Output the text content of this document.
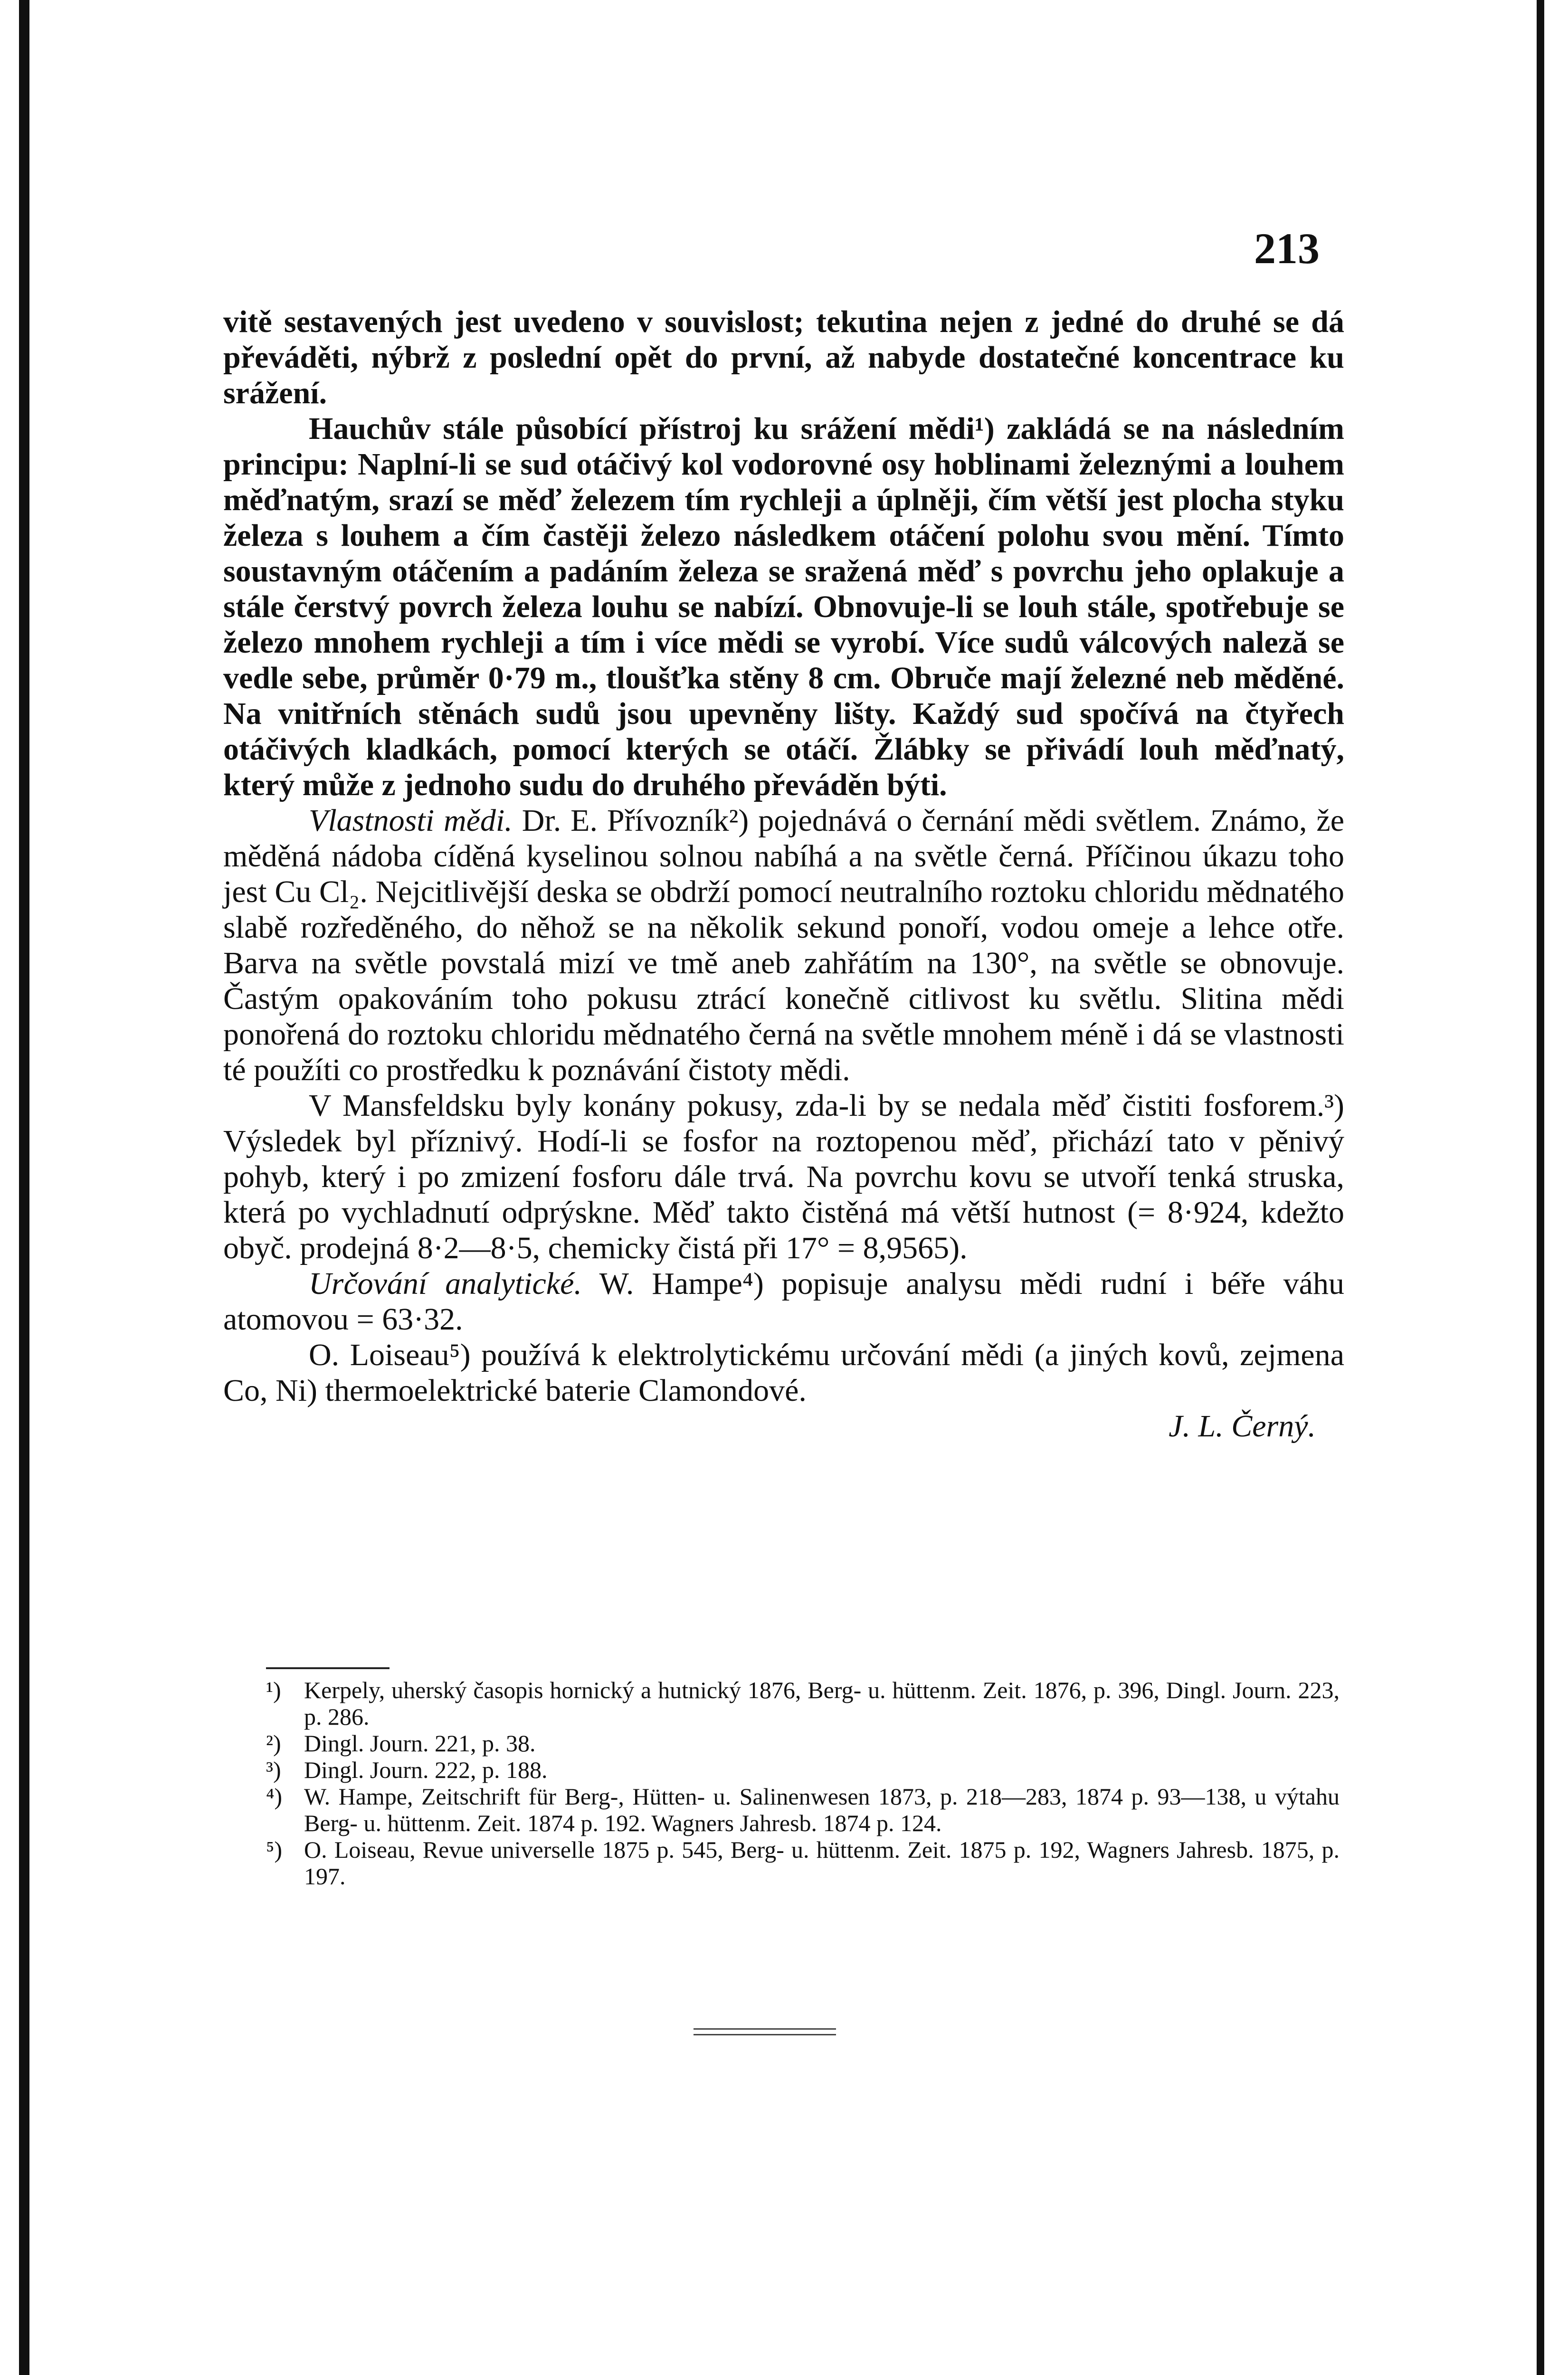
213

vitě sestavených jest uvedeno v souvislost; tekutina nejen z jedné do druhé se dá převáděti, nýbrž z poslední opět do první, až nabyde dostatečné koncentrace ku srážení.

Hauchův stále působící přístroj ku srážení mědi¹) zakládá se na následním principu: Naplní-li se sud otáčivý kol vodorovné osy hoblinami železnými a louhem měďnatým, srazí se měď železem tím rychleji a úplněji, čím větší jest plocha styku železa s louhem a čím častěji železo následkem otáčení polohu svou mění. Tímto soustavným otáčením a padáním železa se sražená měď s povrchu jeho oplakuje a stále čerstvý povrch železa louhu se nabízí. Obnovuje-li se louh stále, spotřebuje se železo mnohem rychleji a tím i více mědi se vyrobí. Více sudů válcových naleză se vedle sebe, průměr 0·79 m., tloušťka stěny 8 cm. Obruče mají železné neb měděné. Na vnitřních stěnách sudů jsou upevněny lišty. Každý sud spočívá na čtyřech otáčivých kladkách, pomocí kterých se otáčí. Žlábky se přivádí louh měďnatý, který může z jednoho sudu do druhého převáděn býti.

Vlastnosti mědi. Dr. E. Přívozník²) pojednává o černání mědi světlem. Známo, že měděná nádoba cíděná kyselinou solnou nabíhá a na světle černá. Příčinou úkazu toho jest Cu Cl₂. Nejcitlivější deska se obdrží pomocí neutralního roztoku chloridu mědnatého slabě rozředěného, do něhož se na několik sekund ponoří, vodou omeje a lehce otře. Barva na světle povstalá mizí ve tmě aneb zahřátím na 130°, na světle se obnovuje. Častým opakováním toho pokusu ztrácí konečně citlivost ku světlu. Slitina mědi ponořená do roztoku chloridu mědnatého černá na světle mnohem méně i dá se vlastnosti té použíti co prostředku k poznávání čistoty mědi.

V Mansfeldsku byly konány pokusy, zda-li by se nedala měď čistiti fosforem.³) Výsledek byl příznivý. Hodí-li se fosfor na roztopenou měď, přichází tato v pěnivý pohyb, který i po zmizení fosforu dále trvá. Na povrchu kovu se utvoří tenká struska, která po vychladnutí odprýskne. Měď takto čistěná má větší hutnost (= 8·924, kdežto obyč. prodejná 8·2—8·5, chemicky čistá při 17° = 8,9565).

Určování analytické. W. Hampe⁴) popisuje analysu mědi rudní i béře váhu atomovou = 63·32.

O. Loiseau⁵) používá k elektrolytickému určování mědi (a jiných kovů, zejmena Co, Ni) thermoelektrické baterie Clamondové.

J. L. Černý.
¹) Kerpely, uherský časopis hornický a hutnický 1876, Berg- u. hüttenm. Zeit. 1876, p. 396, Dingl. Journ. 223, p. 286.
²) Dingl. Journ. 221, p. 38.
³) Dingl. Journ. 222, p. 188.
⁴) W. Hampe, Zeitschrift für Berg-, Hütten- u. Salinenwesen 1873, p. 218—283, 1874 p. 93—138, u výtahu Berg- u. hüttenm. Zeit. 1874 p. 192. Wagners Jahresb. 1874 p. 124.
⁵) O. Loiseau, Revue universelle 1875 p. 545, Berg- u. hüttenm. Zeit. 1875 p. 192, Wagners Jahresb. 1875, p. 197.
